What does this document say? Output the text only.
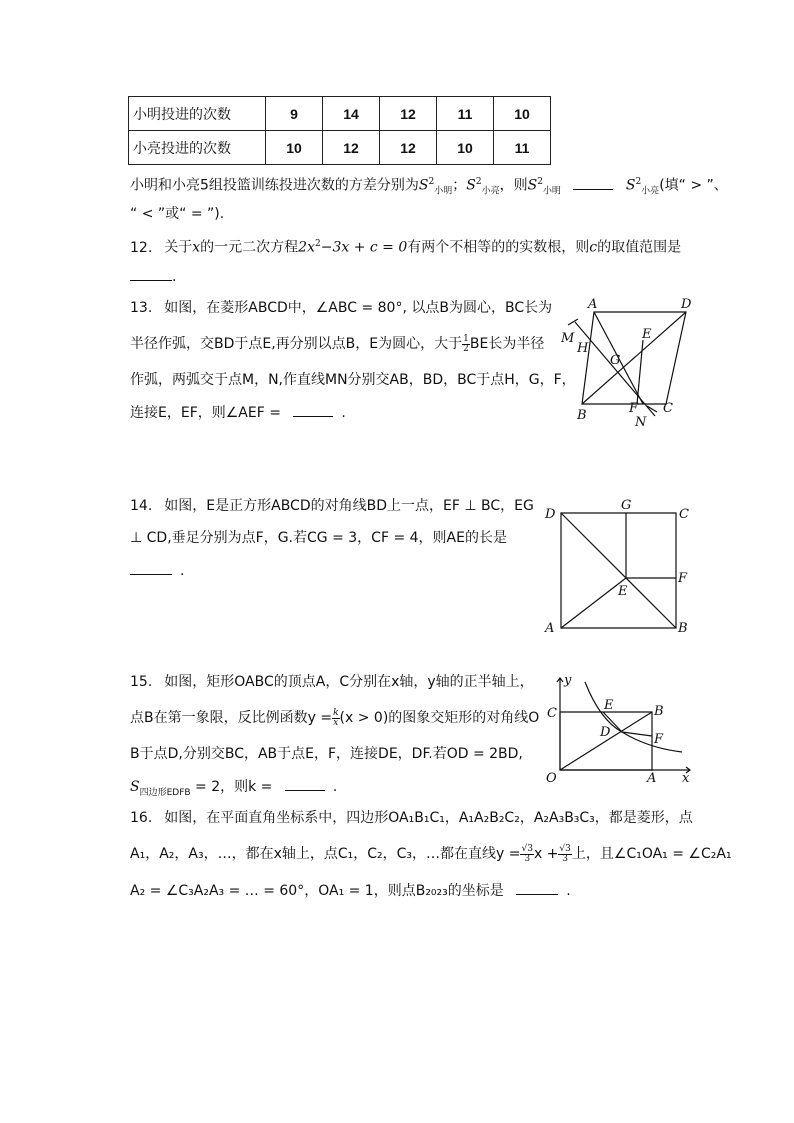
小明投进的次数	9	14	12	11	10
小亮投进的次数	10	12	12	10	11
小明和小亮5组投篮训练投进次数的方差分别为$S^2_{小明}$；$S^2_{小亮}$，则$S^2_{小明}$	$S^2_{小亮}$(填“ > ”、
“ < ”或“ = ”).
12. 关于x的一元二次方程$2x^2-3x + c = 0$有两个不相等的的实数根，则c的取值范围是
.
13. 如图，在菱形ABCD中，∠ABC = 80°, 以点B为圆心，BC长为
半径作弧，交BD于点E,再分别以点B，E为圆心，大于 $\frac{1}{2}$ BE长为半径
作弧，两弧交于点M，N,作直线MN分别交AB，BD，BC于点H，G，F，
连接E，EF，则∠AEF =	.
A	D
M
H
E
G
B	F C
N
14. 如图，E是正方形ABCD的对角线BD上一点，EF ⊥ BC，EG
⊥ CD,垂足分别为点F，G.若CG = 3，CF = 4，则AE的长是
.
D
G
C
F
E
A	B
15. 如图，矩形OABC的顶点A，C分别在x轴，y轴的正半轴上，
点B在第一象限，反比例函数$y = \frac{k}{x} (x > 0)$的图象交矩形的对角线O
B于点D,分别交BC，AB于点E，F，连接DE，DF.若OD = 2BD,
$S_{四边形EDFB} = 2$，则k =	.
y
C
E	B
D	F
O	A x
16. 如图，在平面直角坐标系中，四边形OA₁B₁C₁，A₁A₂B₂C₂，A₂A₃B₃C₃，都是菱形，点
A₁，A₂，A₃，…，都在x轴上，点C₁，C₂，C₃，…都在直线$y = \frac{√3}{3}$ $x + \frac{√3}{3}$ 上，且∠C₁OA₁ = ∠C₂A₁
A₂ = ∠C₃A₂A₃ = … = 60°，OA₁ = 1，则点B₂₀₂₃的坐标是	.
